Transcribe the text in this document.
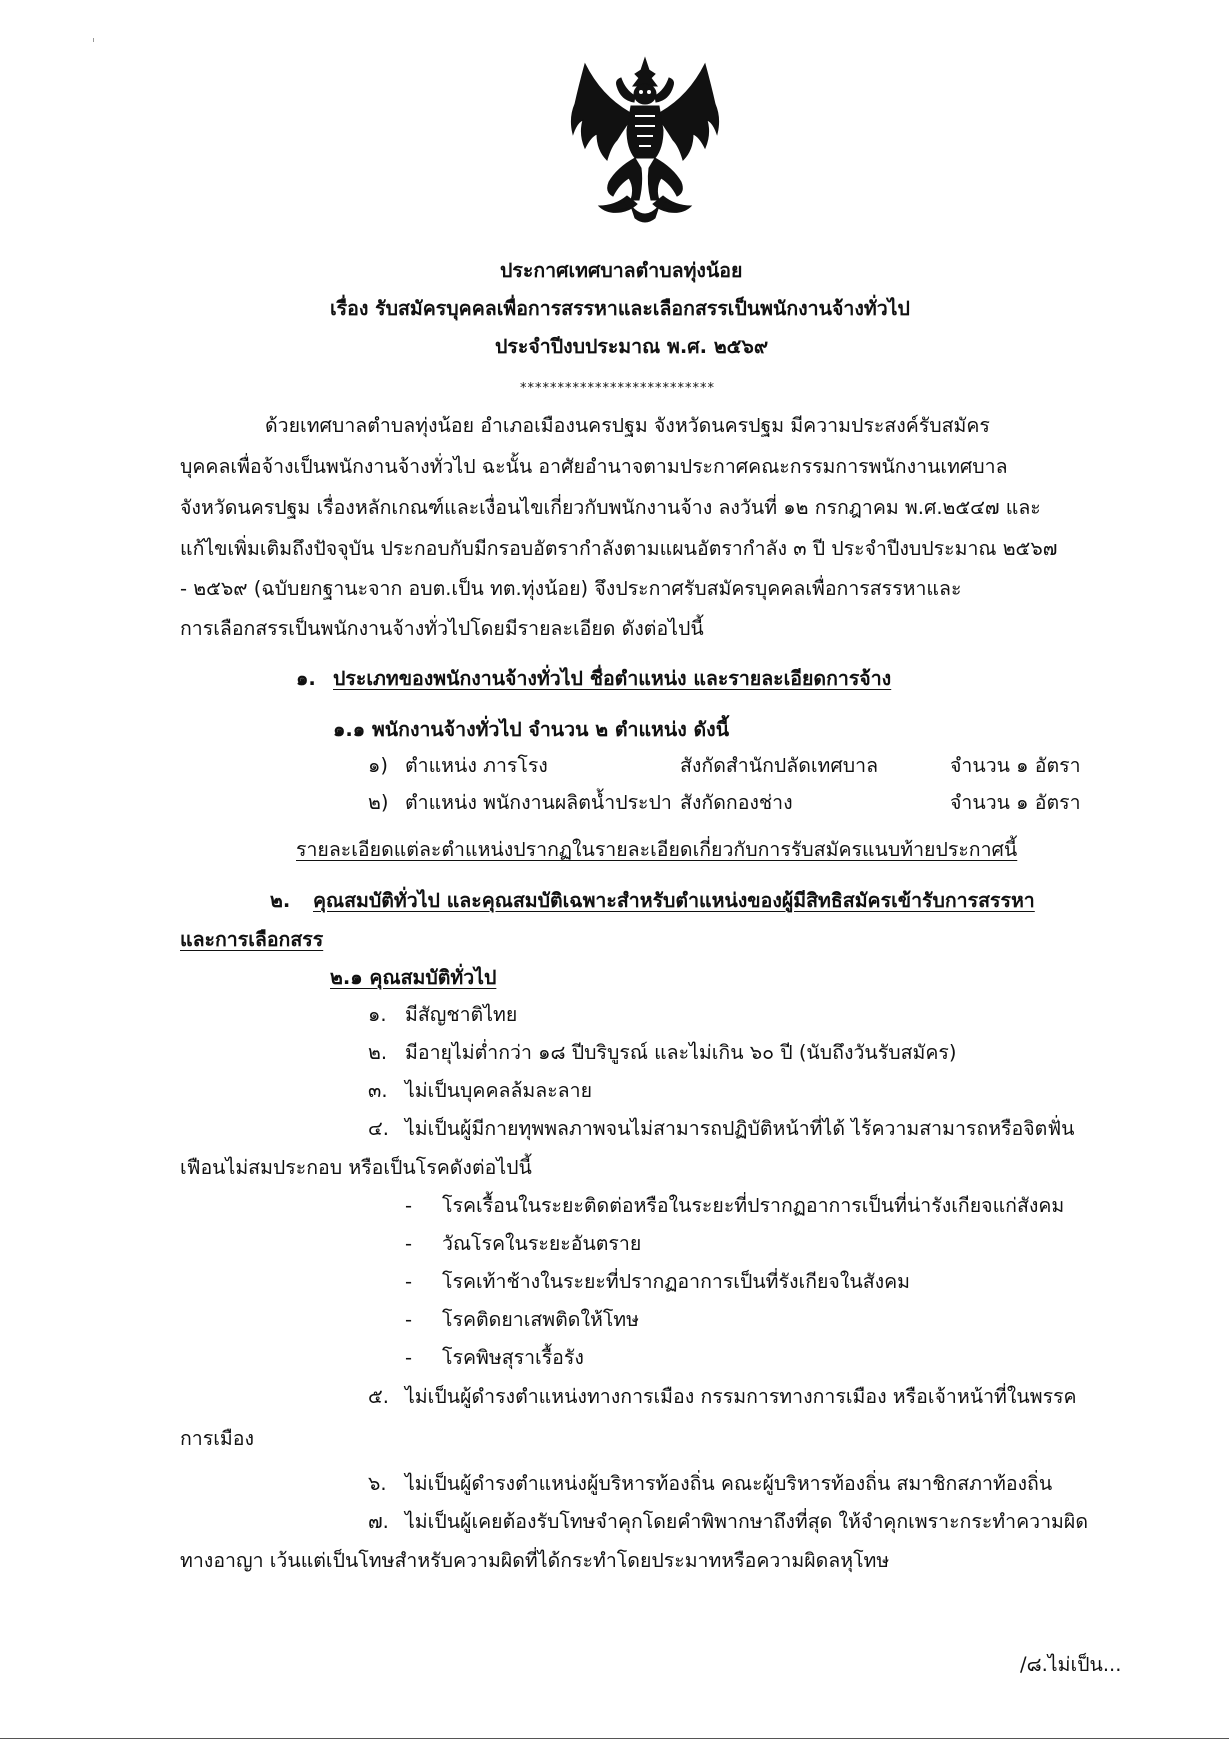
ประกาศเทศบาลตำบลทุ่งน้อย
เรื่อง รับสมัครบุคคลเพื่อการสรรหาและเลือกสรรเป็นพนักงานจ้างทั่วไป
ประจำปีงบประมาณ พ.ศ. ๒๕๖๙
**************************
ด้วยเทศบาลตำบลทุ่งน้อย อำเภอเมืองนครปฐม จังหวัดนครปฐม มีความประสงค์รับสมัคร
บุคคลเพื่อจ้างเป็นพนักงานจ้างทั่วไป ฉะนั้น อาศัยอำนาจตามประกาศคณะกรรมการพนักงานเทศบาล
จังหวัดนครปฐม เรื่องหลักเกณฑ์และเงื่อนไขเกี่ยวกับพนักงานจ้าง ลงวันที่ ๑๒ กรกฎาคม พ.ศ.๒๕๔๗ และ
แก้ไขเพิ่มเติมถึงปัจจุบัน ประกอบกับมีกรอบอัตรากำลังตามแผนอัตรากำลัง ๓ ปี ประจำปีงบประมาณ ๒๕๖๗
- ๒๕๖๙ (ฉบับยกฐานะจาก อบต.เป็น ทต.ทุ่งน้อย) จึงประกาศรับสมัครบุคคลเพื่อการสรรหาและ
การเลือกสรรเป็นพนักงานจ้างทั่วไปโดยมีรายละเอียด ดังต่อไปนี้
๑. ประเภทของพนักงานจ้างทั่วไป ชื่อตำแหน่ง และรายละเอียดการจ้าง
๑.๑ พนักงานจ้างทั่วไป จำนวน ๒ ตำแหน่ง ดังนี้
๑) ตำแหน่ง ภารโรง	สังกัดสำนักปลัดเทศบาล	จำนวน ๑ อัตรา
๒) ตำแหน่ง พนักงานผลิตน้ำประปา สังกัดกองช่าง	จำนวน ๑ อัตรา
รายละเอียดแต่ละตำแหน่งปรากฏในรายละเอียดเกี่ยวกับการรับสมัครแนบท้ายประกาศนี้
๒. คุณสมบัติทั่วไป และคุณสมบัติเฉพาะสำหรับตำแหน่งของผู้มีสิทธิสมัครเข้ารับการสรรหา
และการเลือกสรร
๒.๑ คุณสมบัติทั่วไป
๑. มีสัญชาติไทย
๒. มีอายุไม่ต่ำกว่า ๑๘ ปีบริบูรณ์ และไม่เกิน ๖๐ ปี (นับถึงวันรับสมัคร)
๓. ไม่เป็นบุคคลล้มละลาย
๔. ไม่เป็นผู้มีกายทุพพลภาพจนไม่สามารถปฏิบัติหน้าที่ได้ ไร้ความสามารถหรือจิตฟั่น
เฟือนไม่สมประกอบ หรือเป็นโรคดังต่อไปนี้
- โรคเรื้อนในระยะติดต่อหรือในระยะที่ปรากฏอาการเป็นที่น่ารังเกียจแก่สังคม
- วัณโรคในระยะอันตราย
- โรคเท้าช้างในระยะที่ปรากฏอาการเป็นที่รังเกียจในสังคม
- โรคติดยาเสพติดให้โทษ
- โรคพิษสุราเรื้อรัง
๕. ไม่เป็นผู้ดำรงตำแหน่งทางการเมือง กรรมการทางการเมือง หรือเจ้าหน้าที่ในพรรค
การเมือง
๖. ไม่เป็นผู้ดำรงตำแหน่งผู้บริหารท้องถิ่น คณะผู้บริหารท้องถิ่น สมาชิกสภาท้องถิ่น
๗. ไม่เป็นผู้เคยต้องรับโทษจำคุกโดยคำพิพากษาถึงที่สุด ให้จำคุกเพราะกระทำความผิด
ทางอาญา เว้นแต่เป็นโทษสำหรับความผิดที่ได้กระทำโดยประมาทหรือความผิดลหุโทษ
/๘.ไม่เป็น...
